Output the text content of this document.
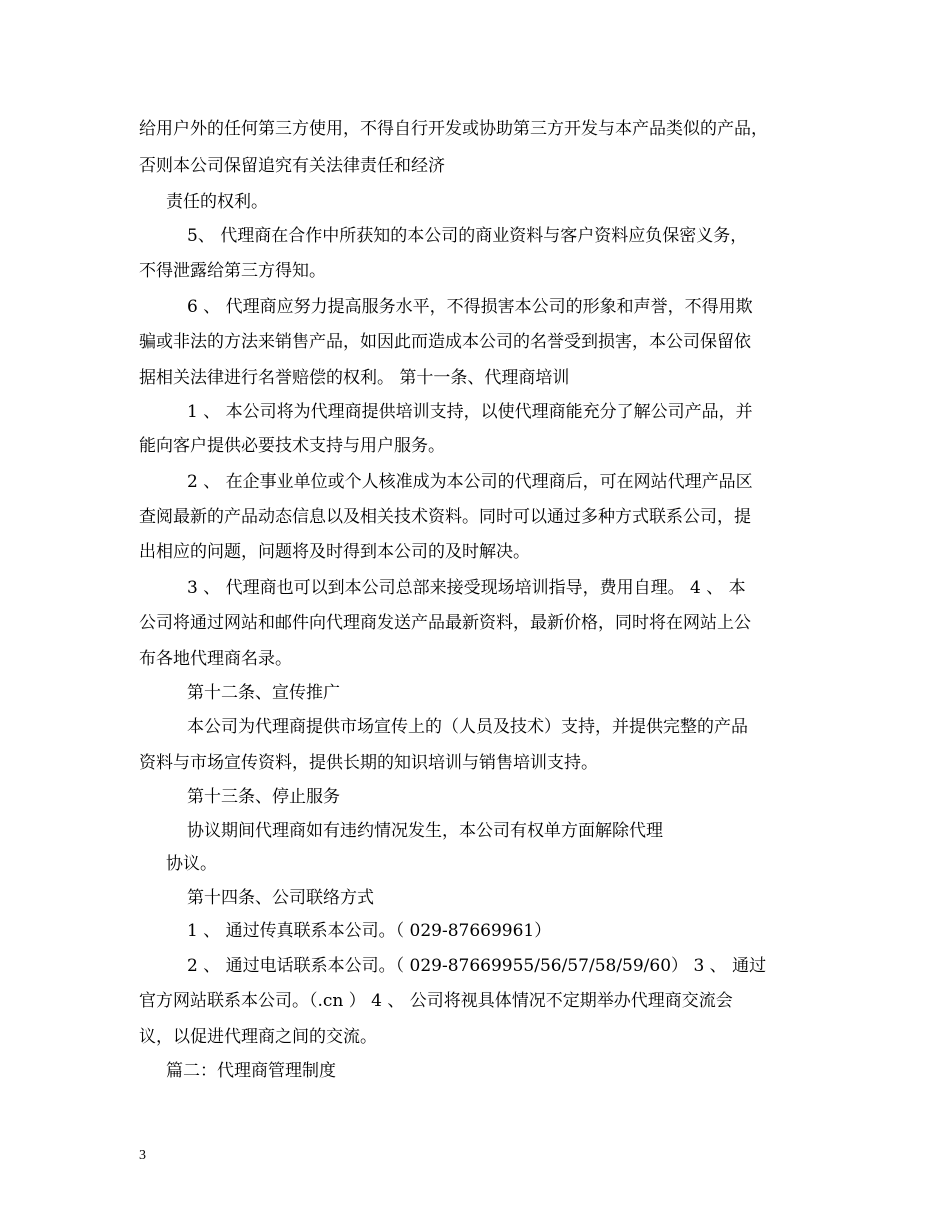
给用户外的任何第三方使用，不得自行开发或协助第三方开发与本产品类似的产品，
否则本公司保留追究有关法律责任和经济
责任的权利。
5、 代理商在合作中所获知的本公司的商业资料与客户资料应负保密义务，
不得泄露给第三方得知。
6 、 代理商应努力提高服务水平，不得损害本公司的形象和声誉，不得用欺
骗或非法的方法来销售产品，如因此而造成本公司的名誉受到损害，本公司保留依
据相关法律进行名誉赔偿的权利。 第十一条、代理商培训
1 、 本公司将为代理商提供培训支持，以使代理商能充分了解公司产品，并
能向客户提供必要技术支持与用户服务。
2 、 在企事业单位或个人核准成为本公司的代理商后，可在网站代理产品区
查阅最新的产品动态信息以及相关技术资料。同时可以通过多种方式联系公司，提
出相应的问题，问题将及时得到本公司的及时解决。
3 、 代理商也可以到本公司总部来接受现场培训指导，费用自理。 4 、 本
公司将通过网站和邮件向代理商发送产品最新资料，最新价格，同时将在网站上公
布各地代理商名录。
第十二条、宣传推广
本公司为代理商提供市场宣传上的（人员及技术）支持，并提供完整的产品
资料与市场宣传资料，提供长期的知识培训与销售培训支持。
第十三条、停止服务
协议期间代理商如有违约情况发生，本公司有权单方面解除代理
协议。
第十四条、公司联络方式
1 、 通过传真联系本公司。（ 029-87669961）
2 、 通过电话联系本公司。（ 029-87669955/56/57/58/59/60） 3 、 通过
官方网站联系本公司。（.cn ） 4 、 公司将视具体情况不定期举办代理商交流会
议，以促进代理商之间的交流。
篇二：代理商管理制度
3
